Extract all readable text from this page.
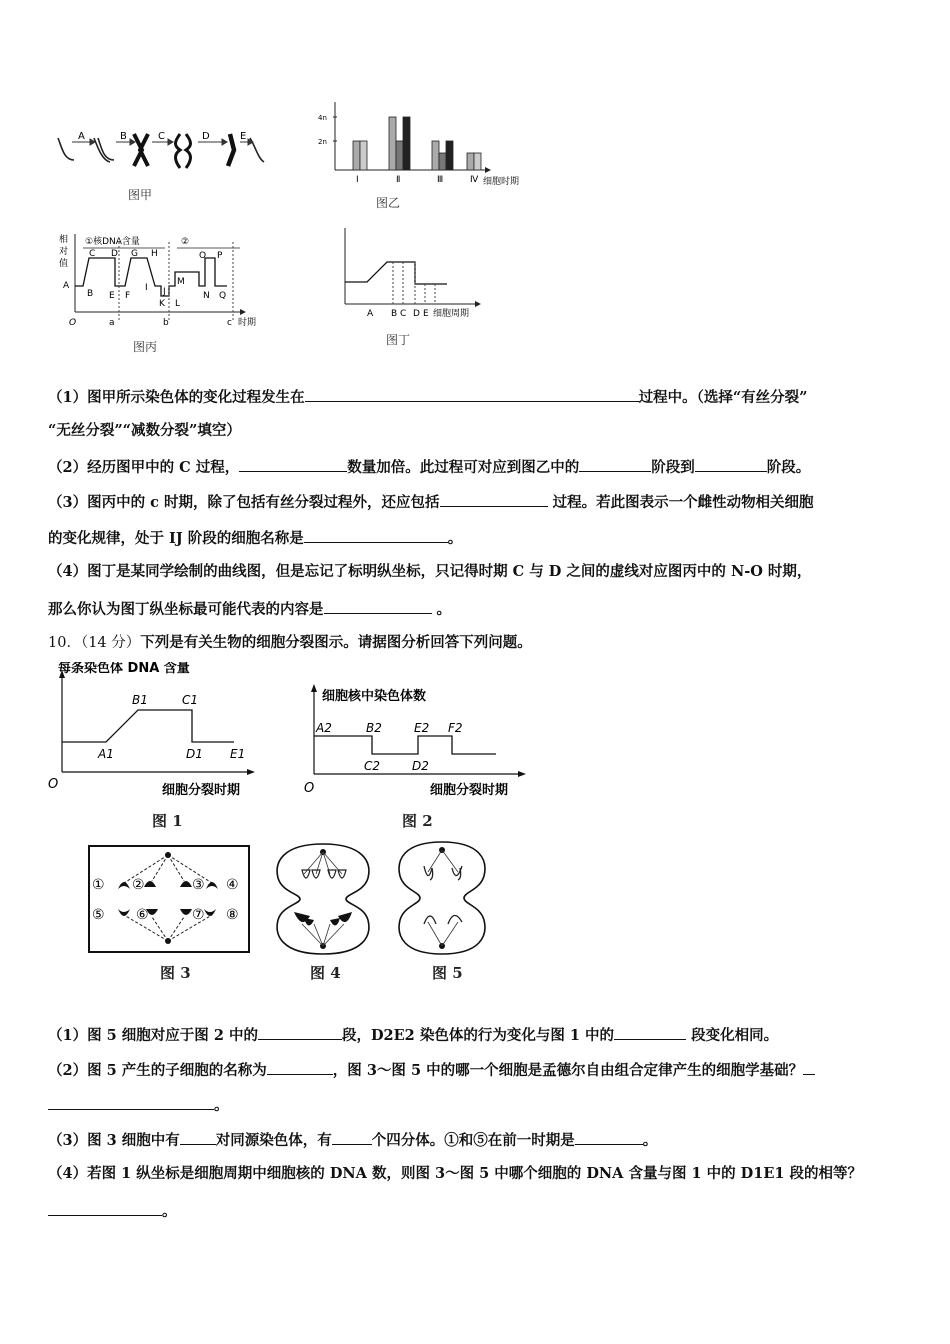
A	B	C	D	E
图甲
4n
2n
Ⅰ	Ⅱ	Ⅲ	Ⅳ 细胞时期
图乙
相
对
值
①核DNA含量	②
A
B
C D
E F
G H
I J
K L
M
N
O P
Q
O	a	b	c 时期
图丙
A B C D E 细胞周期
图丁
（1）图甲所示染色体的变化过程发生在	过程中。（选择“有丝分裂”
“无丝分裂”“减数分裂”填空）
（2）经历图甲中的 C 过程，	数量加倍。此过程可对应到图乙中的	阶段到	阶段。
（3）图丙中的 c 时期，除了包括有丝分裂过程外，还应包括	过程。若此图表示一个雌性动物相关细胞
的变化规律，处于 IJ 阶段的细胞名称是	。
（4）图丁是某同学绘制的曲线图，但是忘记了标明纵坐标，只记得时期 C 与 D 之间的虚线对应图丙中的 N-O 时期，
那么你认为图丁纵坐标最可能代表的内容是	。
10．（14 分）下列是有关生物的细胞分裂图示。请据图分析回答下列问题。
每条染色体 DNA 含量
A1
B1	C1
D1 E1
O	细胞分裂时期
图 1
细胞核中染色体数
A2	B2
C2	D2
E2 F2
O	细胞分裂时期
图 2
① ②	③ ④
⑤ ⑥	⑦ ⑧
图 3	图 4	图 5
（1）图 5 细胞对应于图 2 中的	段，D2E2 染色体的行为变化与图 1 中的	段变化相同。
（2）图 5 产生的子细胞的名称为	，图 3～图 5 中的哪一个细胞是孟德尔自由组合定律产生的细胞学基础？
。
（3）图 3 细胞中有 对同源染色体，有	个四分体。①和⑤在前一时期是	。
（4）若图 1 纵坐标是细胞周期中细胞核的 DNA 数，则图 3～图 5 中哪个细胞的 DNA 含量与图 1 中的 D1E1 段的相等？
。
